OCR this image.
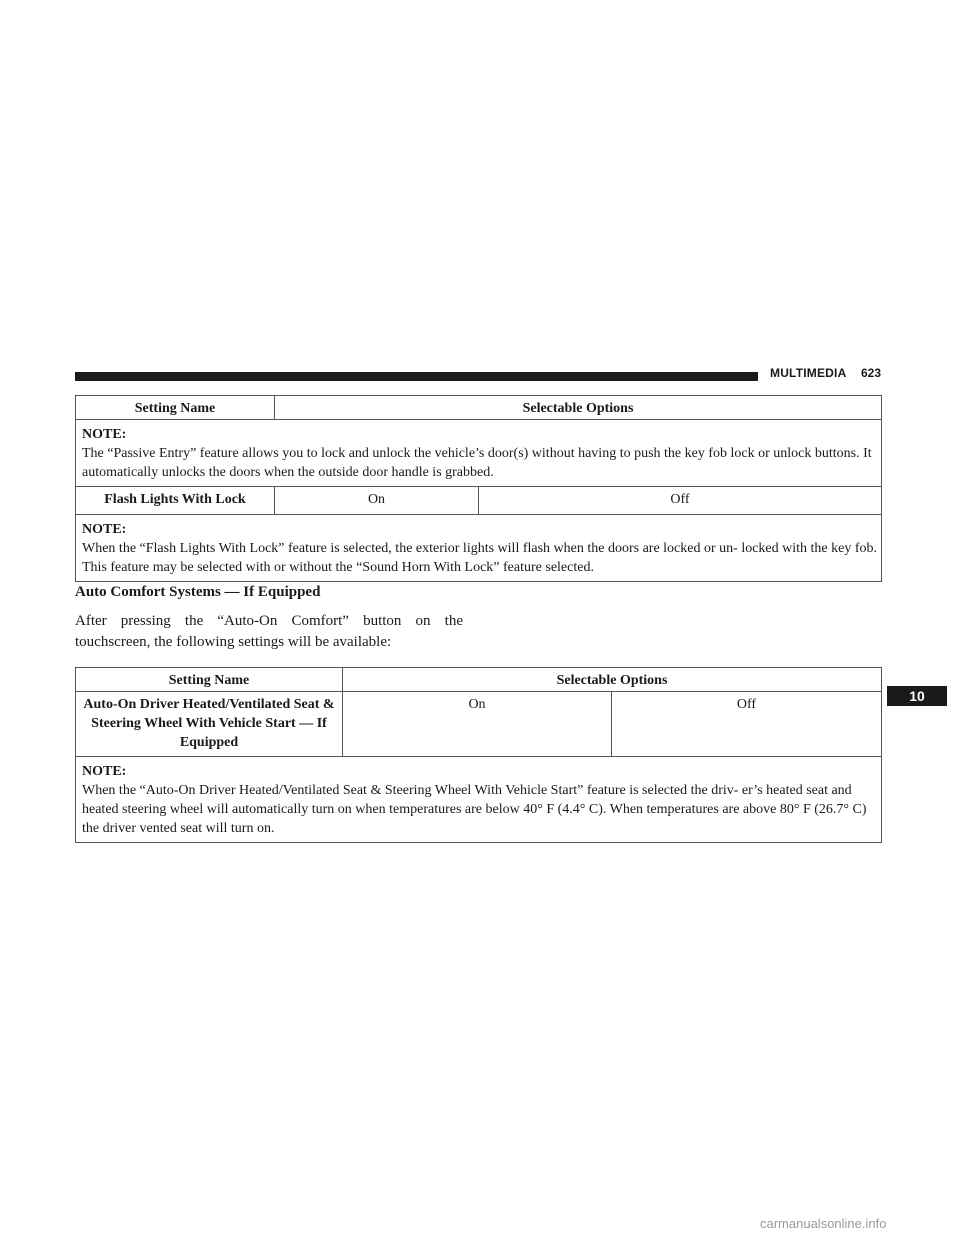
MULTIMEDIA 623
Setting Name	Selectable Options	

NOTE:
The “Passive Entry” feature allows you to lock and unlock the vehicle’s door(s) without having to push the key fob lock or unlock buttons. It automatically unlocks the doors when the outside door handle is grabbed.		

Flash Lights With Lock	On	Off

NOTE:
When the “Flash Lights With Lock” feature is selected, the exterior lights will flash when the doors are locked or un- locked with the key fob. This feature may be selected with or without the “Sound Horn With Lock” feature selected.		
Auto Comfort Systems — If Equipped
After pressing the “Auto-On Comfort” button on the touchscreen, the following settings will be available:
Setting Name	Selectable Options	

Auto-On Driver Heated/Ventilated Seat & Steering Wheel With Vehicle Start — If Equipped	On	Off

NOTE:
When the “Auto-On Driver Heated/Ventilated Seat & Steering Wheel With Vehicle Start” feature is selected the driv- er’s heated seat and heated steering wheel will automatically turn on when temperatures are below 40° F (4.4° C). When temperatures are above 80° F (26.7° C) the driver vented seat will turn on.		
10
carmanualsonline.info
